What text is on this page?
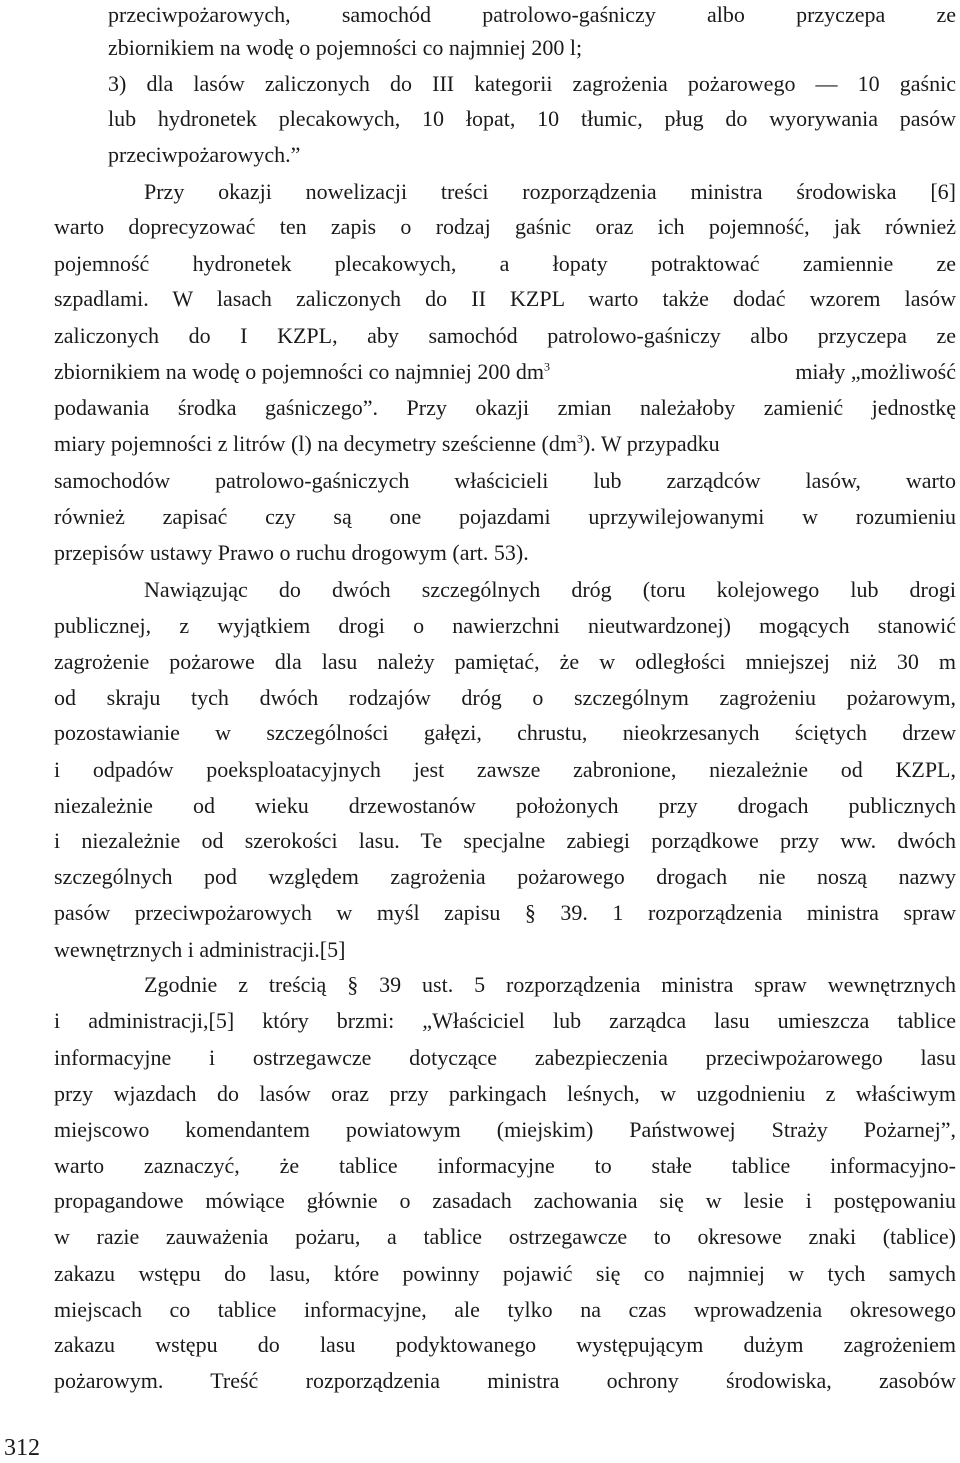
przeciwpożarowych, samochód patrolowo-gaśniczy albo przyczepa ze
zbiornikiem na wodę o pojemności co najmniej 200 l;
3) dla lasów zaliczonych do III kategorii zagrożenia pożarowego — 10 gaśnic
lub hydronetek plecakowych, 10 łopat, 10 tłumic, pług do wyorywania pasów
przeciwpożarowych.”
Przy okazji nowelizacji treści rozporządzenia ministra środowiska [6]
warto doprecyzować ten zapis o rodzaj gaśnic oraz ich pojemność, jak również
pojemność hydronetek plecakowych, a łopaty potraktować zamiennie ze
szpadlami. W lasach zaliczonych do II KZPL warto także dodać wzorem lasów
zaliczonych do I KZPL, aby samochód patrolowo-gaśniczy albo przyczepa ze
zbiornikiem na wodę o pojemności co najmniej 200 $dm^3$	miały „możliwość
podawania środka gaśniczego”. Przy okazji zmian należałoby zamienić jednostkę
miary pojemności z litrów (l) na decymetry sześcienne $(dm^3)$. W przypadku
samochodów patrolowo-gaśniczych właścicieli lub zarządców lasów, warto
również zapisać czy są one pojazdami uprzywilejowanymi w rozumieniu
przepisów ustawy Prawo o ruchu drogowym (art. 53).
Nawiązując do dwóch szczególnych dróg (toru kolejowego lub drogi
publicznej, z wyjątkiem drogi o nawierzchni nieutwardzonej) mogących stanowić
zagrożenie pożarowe dla lasu należy pamiętać, że w odległości mniejszej niż 30 m
od skraju tych dwóch rodzajów dróg o szczególnym zagrożeniu pożarowym,
pozostawianie w szczególności gałęzi, chrustu, nieokrzesanych ściętych drzew
i odpadów poeksploatacyjnych jest zawsze zabronione, niezależnie od KZPL,
niezależnie od wieku drzewostanów położonych przy drogach publicznych
i niezależnie od szerokości lasu. Te specjalne zabiegi porządkowe przy ww. dwóch
szczególnych pod względem zagrożenia pożarowego drogach nie noszą nazwy
pasów przeciwpożarowych w myśl zapisu § 39. 1 rozporządzenia ministra spraw
wewnętrznych i administracji.[5]
Zgodnie z treścią § 39 ust. 5 rozporządzenia ministra spraw wewnętrznych
i administracji,[5] który brzmi: „Właściciel lub zarządca lasu umieszcza tablice
informacyjne i ostrzegawcze dotyczące zabezpieczenia przeciwpożarowego lasu
przy wjazdach do lasów oraz przy parkingach leśnych, w uzgodnieniu z właściwym
miejscowo komendantem powiatowym (miejskim) Państwowej Straży Pożarnej”,
warto zaznaczyć, że tablice informacyjne to stałe tablice informacyjno-
propagandowe mówiące głównie o zasadach zachowania się w lesie i postępowaniu
w razie zauważenia pożaru, a tablice ostrzegawcze to okresowe znaki (tablice)
zakazu wstępu do lasu, które powinny pojawić się co najmniej w tych samych
miejscach co tablice informacyjne, ale tylko na czas wprowadzenia okresowego
zakazu wstępu do lasu podyktowanego występującym dużym zagrożeniem
pożarowym. Treść rozporządzenia ministra ochrony środowiska, zasobów
312
